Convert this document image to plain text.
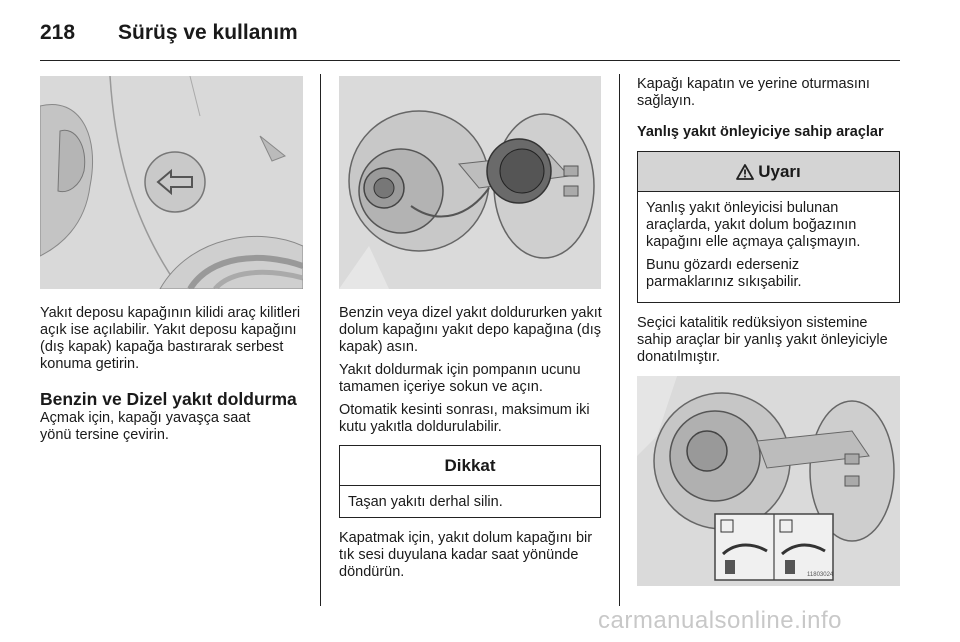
218 Sürüş ve kullanım

Yakıt deposu kapağının kilidi araç kilitleri açık ise açılabilir. Yakıt deposu kapağını (dış kapak) kapağa bastırarak serbest konuma getirin.

Benzin ve Dizel yakıt doldurma

Açmak için, kapağı yavaşça saat yönü tersine çevirin.

Benzin veya dizel yakıt doldururken yakıt dolum kapağını yakıt depo kapağına (dış kapak) asın.

Yakıt doldurmak için pompanın ucunu tamamen içeriye sokun ve açın.

Otomatik kesinti sonrası, maksimum iki kutu yakıtla doldurulabilir.

Dikkat

Taşan yakıtı derhal silin.

Kapatmak için, yakıt dolum kapağını bir tık sesi duyulana kadar saat yönünde döndürün.

Kapağı kapatın ve yerine oturmasını sağlayın.

Yanlış yakıt önleyiciye sahip araçlar
Uyarı

Yanlış yakıt önleyicisi bulunan araçlarda, yakıt dolum boğazının kapağını elle açmaya çalışmayın.

Bunu gözardı ederseniz parmaklarınız sıkışabilir.

Seçici katalitik redüksiyon sistemine sahip araçlar bir yanlış yakıt önleyiciyle donatılmıştır.

11803024
carmanualsonline.info
